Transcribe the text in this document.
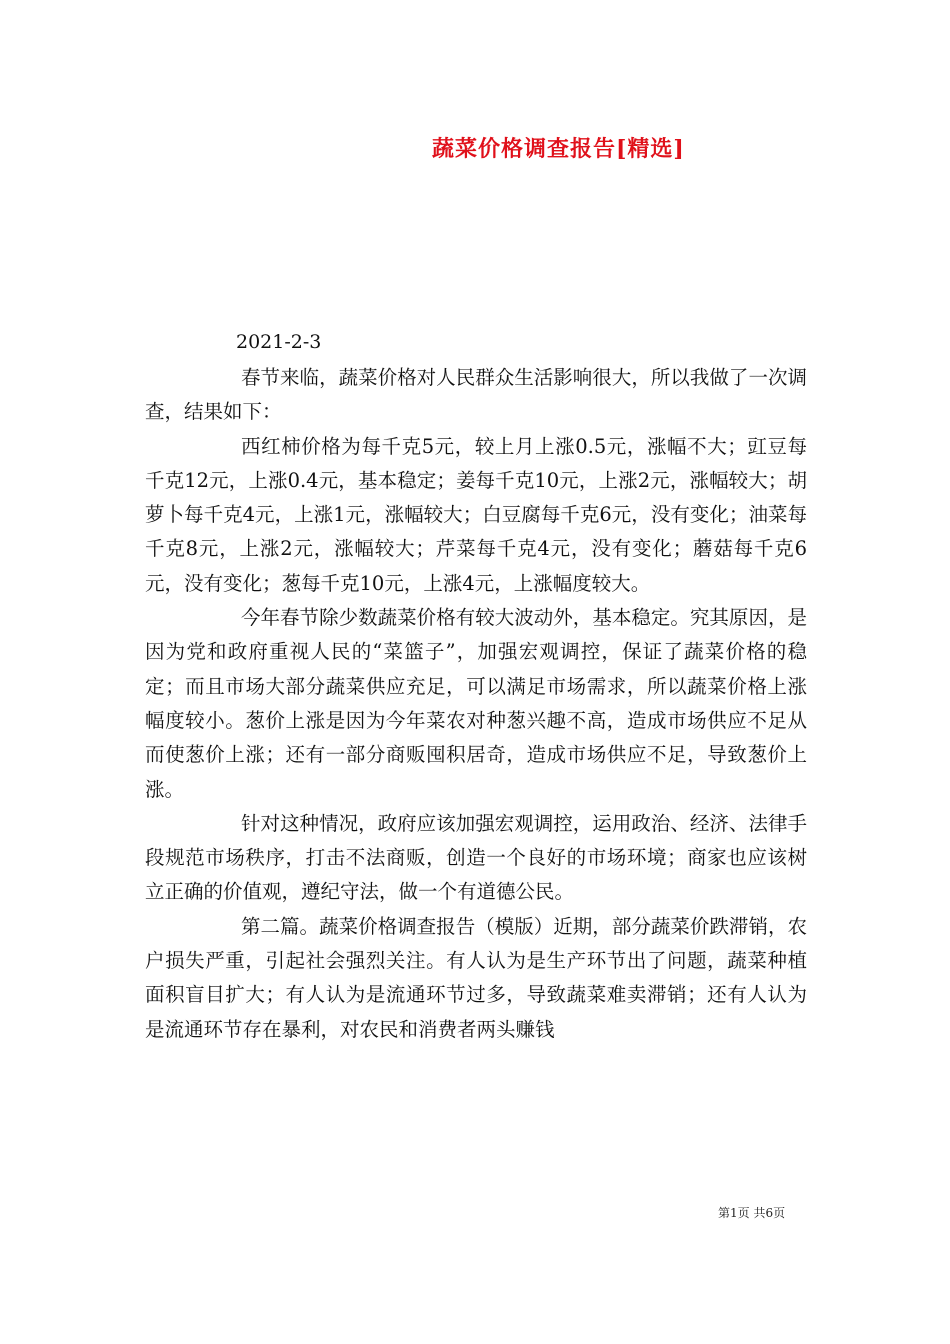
蔬菜价格调查报告[精选]
2021-2-3

春节来临，蔬菜价格对人民群众生活影响很大，所以我做了一次调查，结果如下：

西红柿价格为每千克5元，较上月上涨0.5元，涨幅不大；豇豆每千克12元，上涨0.4元，基本稳定；姜每千克10元，上涨2元，涨幅较大；胡萝卜每千克4元，上涨1元，涨幅较大；白豆腐每千克6元，没有变化；油菜每千克8元，上涨2元，涨幅较大；芹菜每千克4元，没有变化；蘑菇每千克6元，没有变化；葱每千克10元，上涨4元，上涨幅度较大。

今年春节除少数蔬菜价格有较大波动外，基本稳定。究其原因，是因为党和政府重视人民的“菜篮子”，加强宏观调控，保证了蔬菜价格的稳定；而且市场大部分蔬菜供应充足，可以满足市场需求，所以蔬菜价格上涨幅度较小。葱价上涨是因为今年菜农对种葱兴趣不高，造成市场供应不足从而使葱价上涨；还有一部分商贩囤积居奇，造成市场供应不足，导致葱价上涨。

针对这种情况，政府应该加强宏观调控，运用政治、经济、法律手段规范市场秩序，打击不法商贩，创造一个良好的市场环境；商家也应该树立正确的价值观，遵纪守法，做一个有道德公民。

第二篇。蔬菜价格调查报告（模版）近期，部分蔬菜价跌滞销，农户损失严重，引起社会强烈关注。有人认为是生产环节出了问题，蔬菜种植面积盲目扩大；有人认为是流通环节过多，导致蔬菜难卖滞销；还有人认为是流通环节存在暴利，对农民和消费者两头赚钱

第1页 共6页
